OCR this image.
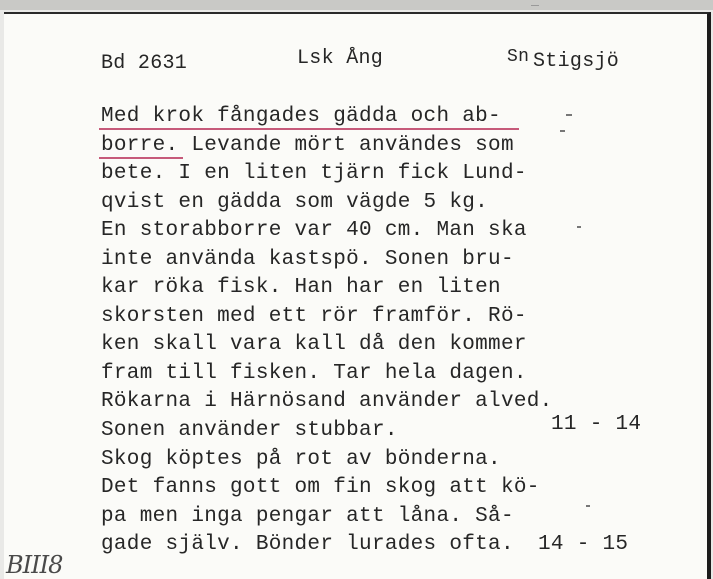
Bd 2631	Lsk Ång	Sn Stigsjö
Med krok fångades gädda och ab-
borre. Levande mört användes som
bete. I en liten tjärn fick Lund-
qvist en gädda som vägde 5 kg.
En storabborre var 40 cm. Man ska
inte använda kastspö. Sonen bru-
kar röka fisk. Han har en liten
skorsten med ett rör framför. Rö-
ken skall vara kall då den kommer
fram till fisken. Tar hela dagen.
Rökarna i Härnösand använder alved.
Sonen använder stubbar.	11 - 14
Skog köptes på rot av bönderna.
Det fanns gott om fin skog att kö-
pa men inga pengar att låna. Så-
gade själv. Bönder lurades ofta. 14 - 15
BIII8
